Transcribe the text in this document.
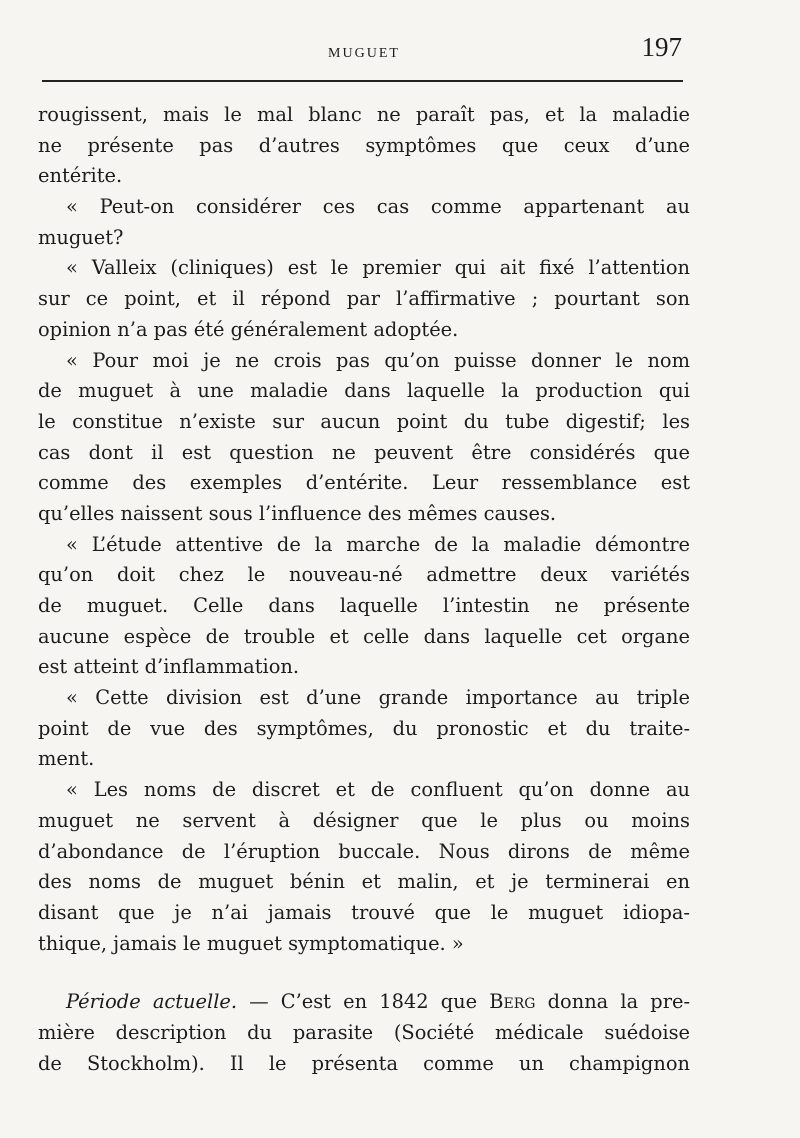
MUGUET	197
rougissent, mais le mal blanc ne paraît pas, et la maladie
ne présente pas d’autres symptômes que ceux d’une
entérite.
« Peut-on considérer ces cas comme appartenant au
muguet?
« Valleix (cliniques) est le premier qui ait fixé l’attention
sur ce point, et il répond par l’affirmative ; pourtant son
opinion n’a pas été généralement adoptée.
« Pour moi je ne crois pas qu’on puisse donner le nom
de muguet à une maladie dans laquelle la production qui
le constitue n’existe sur aucun point du tube digestif; les
cas dont il est question ne peuvent être considérés que
comme des exemples d’entérite. Leur ressemblance est
qu’elles naissent sous l’influence des mêmes causes.
« L’étude attentive de la marche de la maladie démontre
qu’on doit chez le nouveau-né admettre deux variétés
de muguet. Celle dans laquelle l’intestin ne présente
aucune espèce de trouble et celle dans laquelle cet organe
est atteint d’inflammation.
« Cette division est d’une grande importance au triple
point de vue des symptômes, du pronostic et du traite-
ment.
« Les noms de discret et de confluent qu’on donne au
muguet ne servent à désigner que le plus ou moins
d’abondance de l’éruption buccale. Nous dirons de même
des noms de muguet bénin et malin, et je terminerai en
disant que je n’ai jamais trouvé que le muguet idiopa-
thique, jamais le muguet symptomatique. »
Période actuelle. — C’est en 1842 que Berg donna la pre-
mière description du parasite (Société médicale suédoise
de Stockholm). Il le présenta comme un champignon
